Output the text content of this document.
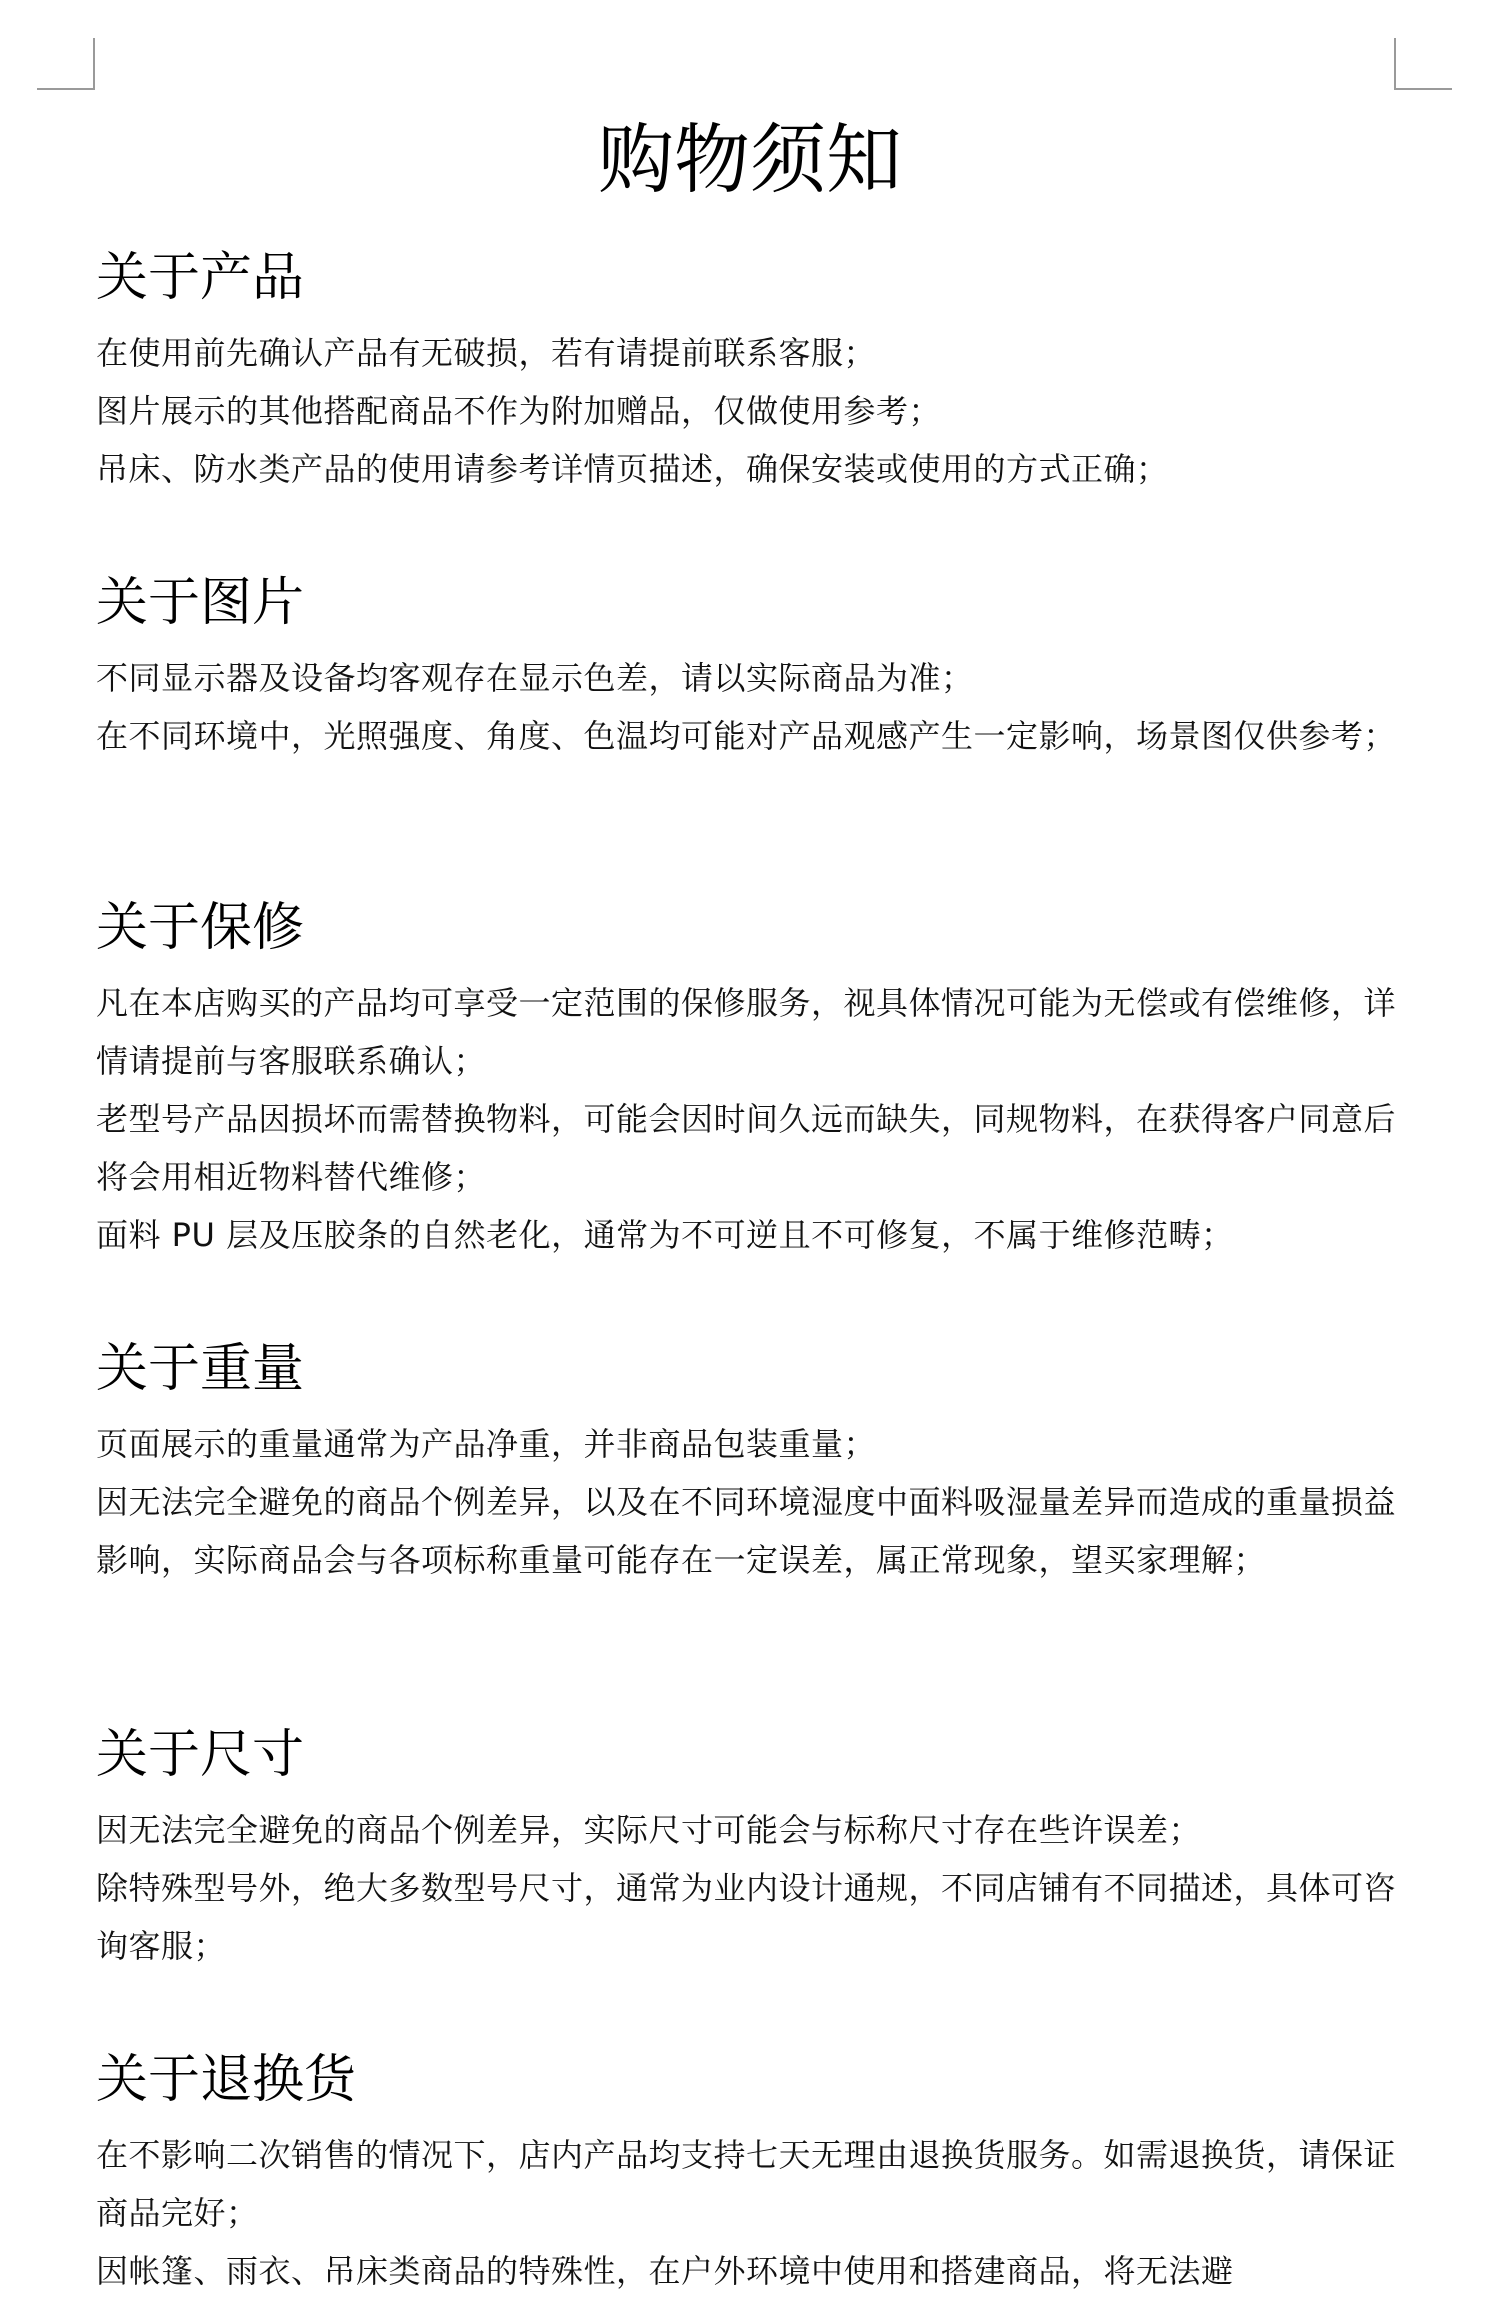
购物须知
关于产品

在使用前先确认产品有无破损，若有请提前联系客服；

图片展示的其他搭配商品不作为附加赠品，仅做使用参考；

吊床、防水类产品的使用请参考详情页描述，确保安装或使用的方式正确；

关于图片

不同显示器及设备均客观存在显示色差，请以实际商品为准；

在不同环境中，光照强度、角度、色温均可能对产品观感产生一定影响，场景图仅供参考；

关于保修

凡在本店购买的产品均可享受一定范围的保修服务，视具体情况可能为无偿或有偿维修，详情请提前与客服联系确认；

老型号产品因损坏而需替换物料，可能会因时间久远而缺失，同规物料，在获得客户同意后将会用相近物料替代维修；

面料 PU 层及压胶条的自然老化，通常为不可逆且不可修复，不属于维修范畴；

关于重量

页面展示的重量通常为产品净重，并非商品包装重量；

因无法完全避免的商品个例差异，以及在不同环境湿度中面料吸湿量差异而造成的重量损益影响，实际商品会与各项标称重量可能存在一定误差，属正常现象，望买家理解；

关于尺寸

因无法完全避免的商品个例差异，实际尺寸可能会与标称尺寸存在些许误差；

除特殊型号外，绝大多数型号尺寸，通常为业内设计通规，不同店铺有不同描述，具体可咨询客服；

关于退换货

在不影响二次销售的情况下，店内产品均支持七天无理由退换货服务。如需退换货，请保证商品完好；

因帐篷、雨衣、吊床类商品的特殊性，在户外环境中使用和搭建商品，将无法避
